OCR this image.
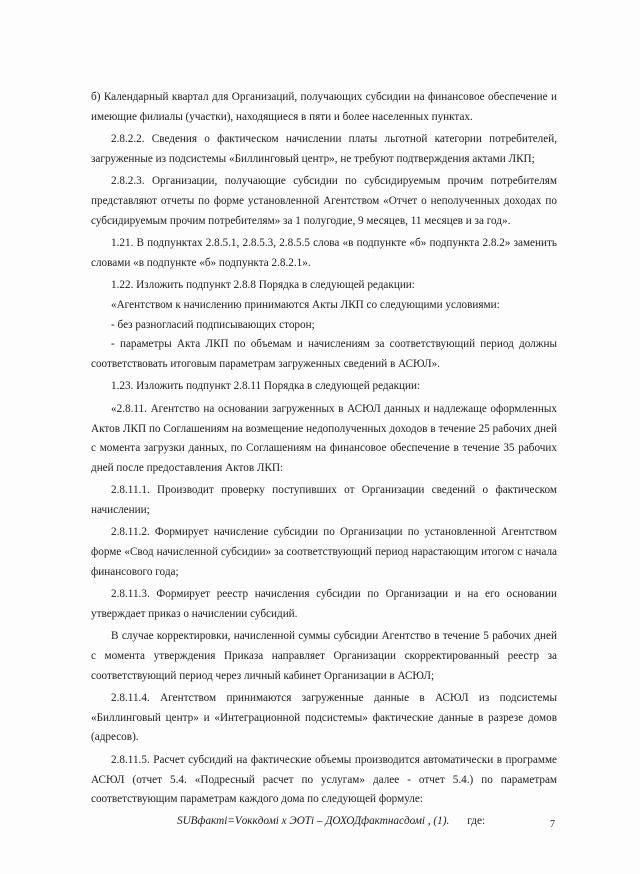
б) Календарный квартал для Организаций, получающих субсидии на финансовое обеспечение и имеющие филиалы (участки), находящиеся в пяти и более населенных пунктах.

2.8.2.2. Сведения о фактическом начислении платы льготной категории потребителей, загруженные из подсистемы «Биллинговый центр», не требуют подтверждения актами ЛКП;

2.8.2.3. Организации, получающие субсидии по субсидируемым прочим потребителям представляют отчеты по форме установленной Агентством «Отчет о неполученных доходах по субсидируемым прочим потребителям» за 1 полугодие, 9 месяцев, 11 месяцев и за год».

1.21. В подпунктах 2.8.5.1, 2.8.5.3, 2.8.5.5 слова «в подпункте «б» подпункта 2.8.2» заменить словами «в подпункте «б» подпункта 2.8.2.1».

1.22. Изложить подпункт 2.8.8 Порядка в следующей редакции:

«Агентством к начислению принимаются Акты ЛКП со следующими условиями:

- без разногласий подписывающих сторон;

- параметры Акта ЛКП по объемам и начислениям за соответствующий период должны соответствовать итоговым параметрам загруженных сведений в АСЮЛ».

1.23. Изложить подпункт 2.8.11 Порядка в следующей редакции:

«2.8.11. Агентство на основании загруженных в АСЮЛ данных и надлежаще оформленных Актов ЛКП по Соглашениям на возмещение недополученных доходов в течение 25 рабочих дней с момента загрузки данных, по Соглашениям на финансовое обеспечение в течение 35 рабочих дней после предоставления Актов ЛКП:

2.8.11.1. Производит проверку поступивших от Организации сведений о фактическом начислении;

2.8.11.2. Формирует начисление субсидии по Организации по установленной Агентством форме «Свод начисленной субсидии» за соответствующий период нарастающим итогом с начала финансового года;

2.8.11.3. Формирует реестр начисления субсидии по Организации и на его основании утверждает приказ о начислении субсидий.

В случае корректировки, начисленной суммы субсидии Агентство в течение 5 рабочих дней с момента утверждения Приказа направляет Организации скорректированный реестр за соответствующий период через личный кабинет Организации в АСЮЛ;

2.8.11.4. Агентством принимаются загруженные данные в АСЮЛ из подсистемы «Биллинговый центр» и «Интеграционной подсистемы» фактические данные в разрезе домов (адресов).

2.8.11.5. Расчет субсидий на фактические объемы производится автоматически в программе АСЮЛ (отчет 5.4. «Подресный расчет по услугам» далее - отчет 5.4.) по параметрам соответствующим параметрам каждого дома по следующей формуле:

SUBфактi=Vоккдомi x ЭОТi – ДОХОДфактнасдомi , (1). где:	7
